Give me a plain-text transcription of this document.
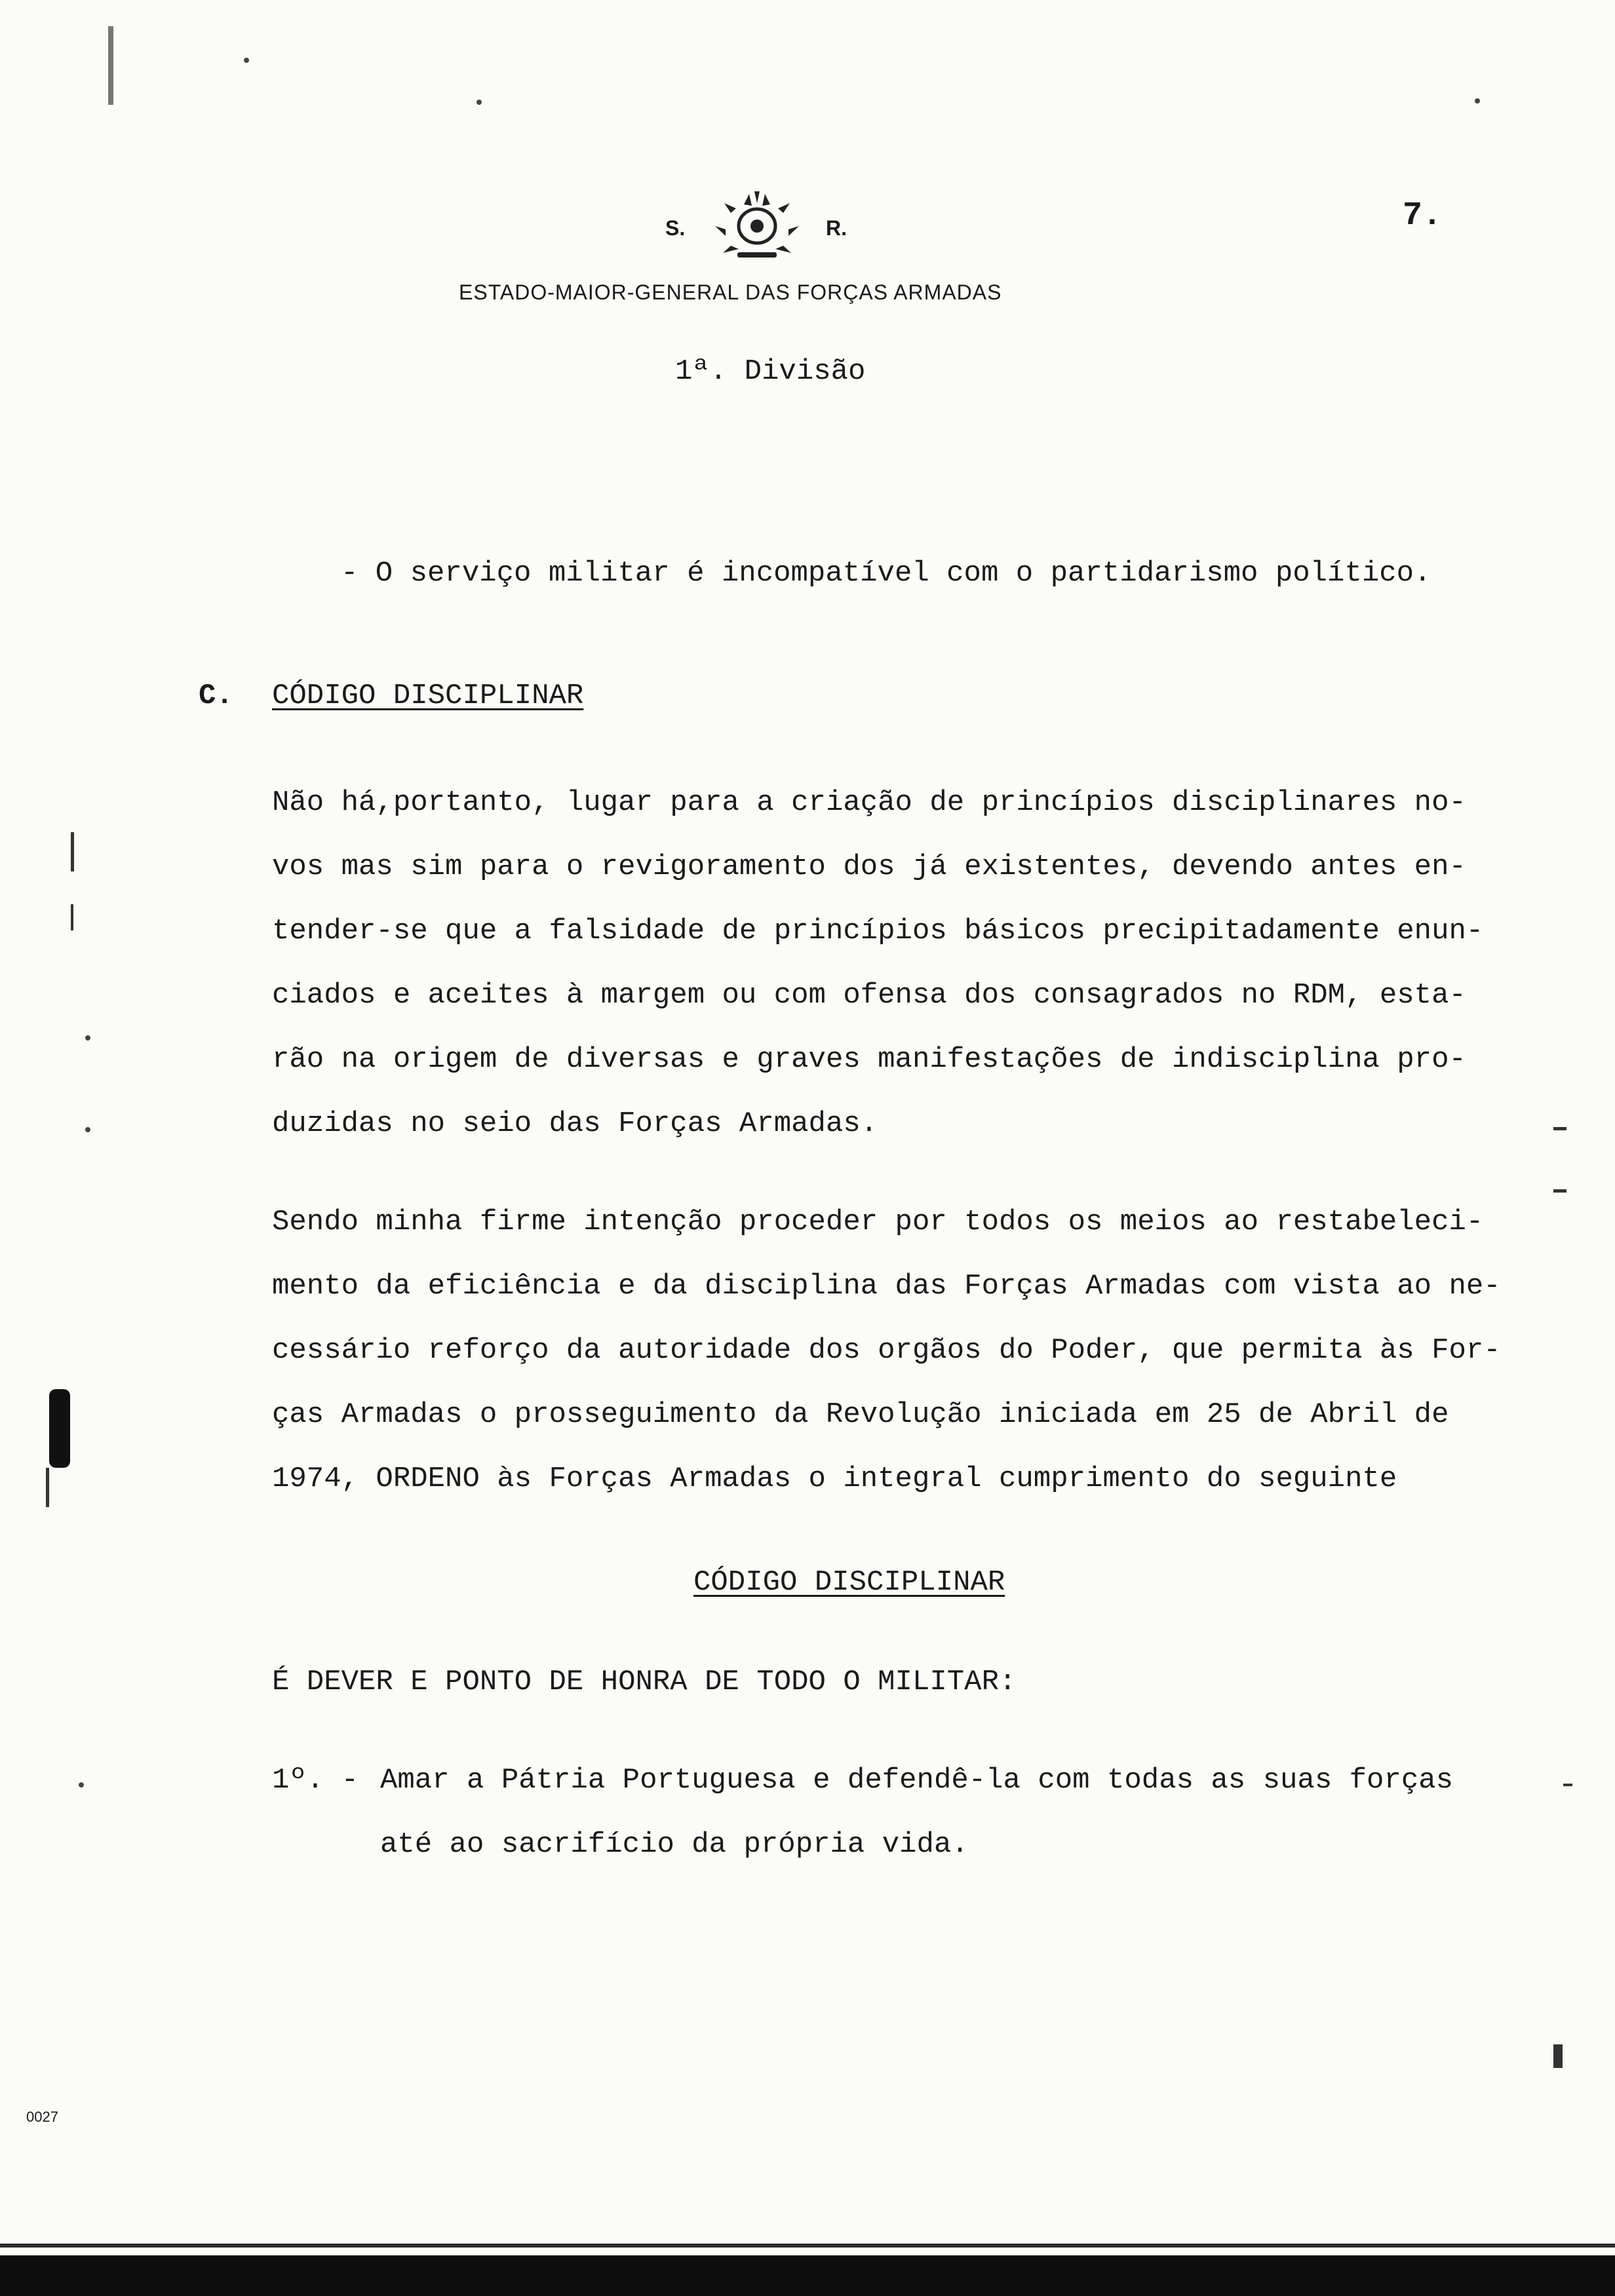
S.	R.	7.
ESTADO-MAIOR-GENERAL DAS FORÇAS ARMADAS
1ª. Divisão
- O serviço militar é incompatível com o partidarismo político.
C. CÓDIGO DISCIPLINAR
Não há,portanto, lugar para a criação de princípios disciplinares no-
vos mas sim para o revigoramento dos já existentes, devendo antes en-
tender-se que a falsidade de princípios básicos precipitadamente enun-
ciados e aceites à margem ou com ofensa dos consagrados no RDM, esta-
rão na origem de diversas e graves manifestações de indisciplina pro-
duzidas no seio das Forças Armadas.
Sendo minha firme intenção proceder por todos os meios ao restabeleci-
mento da eficiência e da disciplina das Forças Armadas com vista ao ne-
cessário reforço da autoridade dos orgãos do Poder, que permita às For-
ças Armadas o prosseguimento da Revolução iniciada em 25 de Abril de
1974, ORDENO às Forças Armadas o integral cumprimento do seguinte
CÓDIGO DISCIPLINAR
É DEVER E PONTO DE HONRA DE TODO O MILITAR:
1º. - Amar a Pátria Portuguesa e defendê-la com todas as suas forças
até ao sacrifício da própria vida.
0027
